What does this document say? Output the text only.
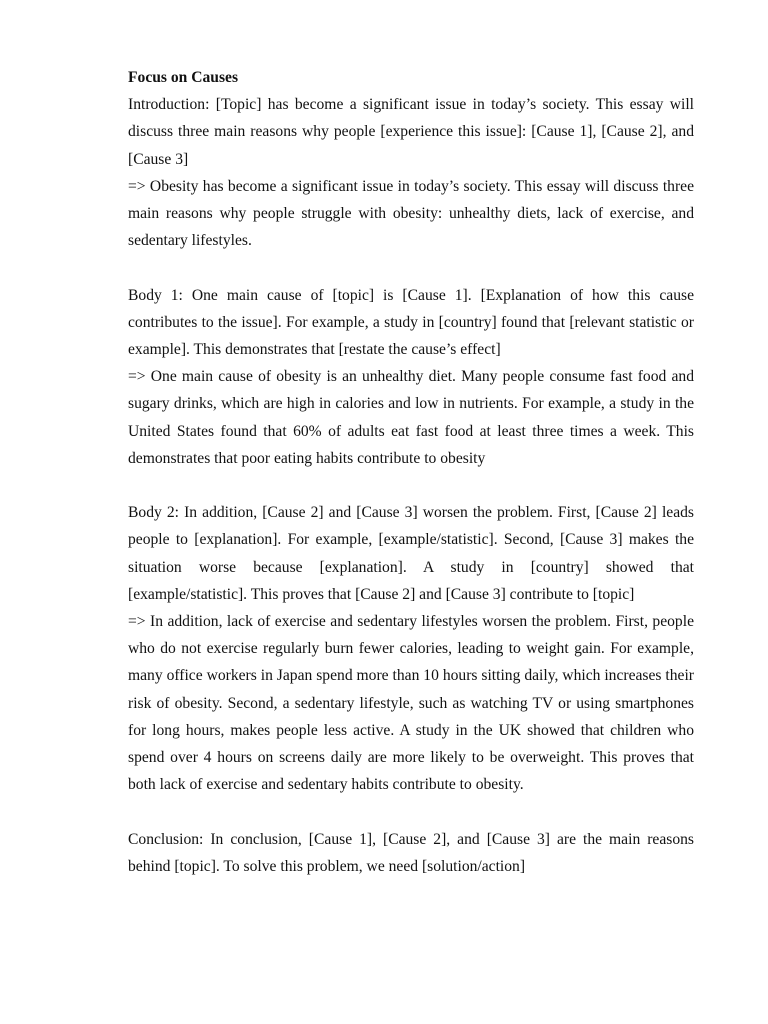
Focus on Causes

Introduction: [Topic] has become a significant issue in today’s society. This essay will discuss three main reasons why people [experience this issue]: [Cause 1], [Cause 2], and [Cause 3]

=> Obesity has become a significant issue in today’s society. This essay will discuss three main reasons why people struggle with obesity: unhealthy diets, lack of exercise, and sedentary lifestyles.

Body 1: One main cause of [topic] is [Cause 1]. [Explanation of how this cause contributes to the issue]. For example, a study in [country] found that [relevant statistic or example]. This demonstrates that [restate the cause’s effect]

=> One main cause of obesity is an unhealthy diet. Many people consume fast food and sugary drinks, which are high in calories and low in nutrients. For example, a study in the United States found that 60% of adults eat fast food at least three times a week. This demonstrates that poor eating habits contribute to obesity

Body 2: In addition, [Cause 2] and [Cause 3] worsen the problem. First, [Cause 2] leads people to [explanation]. For example, [example/statistic]. Second, [Cause 3] makes the situation worse because [explanation]. A study in [country] showed that [example/statistic]. This proves that [Cause 2] and [Cause 3] contribute to [topic]

=> In addition, lack of exercise and sedentary lifestyles worsen the problem. First, people who do not exercise regularly burn fewer calories, leading to weight gain. For example, many office workers in Japan spend more than 10 hours sitting daily, which increases their risk of obesity. Second, a sedentary lifestyle, such as watching TV or using smartphones for long hours, makes people less active. A study in the UK showed that children who spend over 4 hours on screens daily are more likely to be overweight. This proves that both lack of exercise and sedentary habits contribute to obesity.

Conclusion: In conclusion, [Cause 1], [Cause 2], and [Cause 3] are the main reasons behind [topic]. To solve this problem, we need [solution/action]
